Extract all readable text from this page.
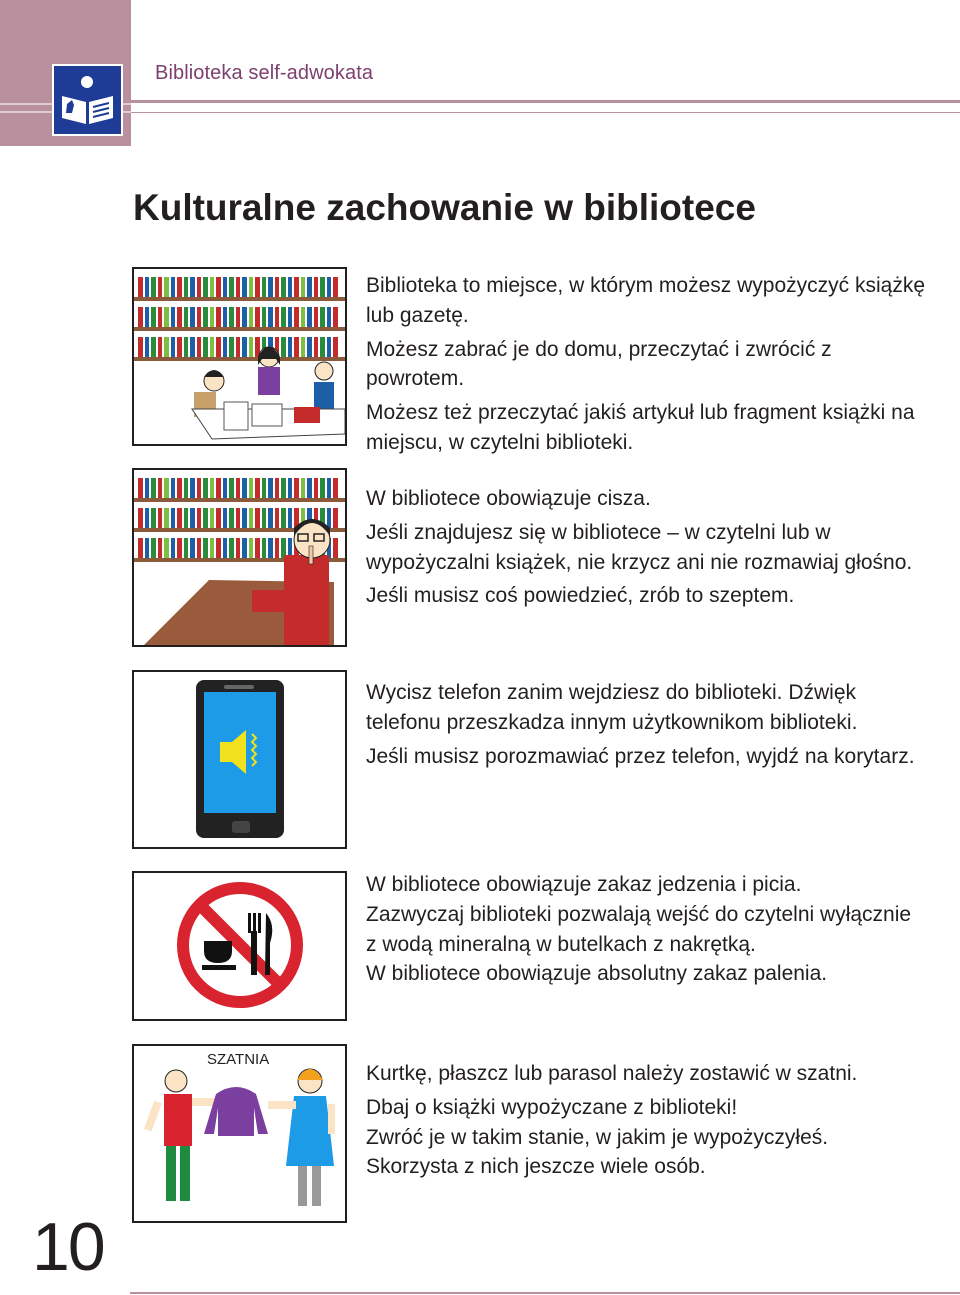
Biblioteka self-adwokata
Kulturalne zachowanie w bibliotece
SZATNIA

Biblioteka to miejsce, w którym możesz wypożyczyć książkę lub gazetę.

Możesz zabrać je do domu, przeczytać i zwrócić z powrotem.

Możesz też przeczytać jakiś artykuł lub fragment książki na miejscu, w czytelni biblioteki.

W bibliotece obowiązuje cisza.

Jeśli znajdujesz się w bibliotece – w czytelni lub w wypożyczalni książek, nie krzycz ani nie rozmawiaj głośno.

Jeśli musisz coś powiedzieć, zrób to szeptem.

Wycisz telefon zanim wejdziesz do biblioteki. Dźwięk telefonu przeszkadza innym użytkownikom biblioteki.

Jeśli musisz porozmawiać przez telefon, wyjdź na korytarz.

W bibliotece obowiązuje zakaz jedzenia i picia.

Zazwyczaj biblioteki pozwalają wejść do czytelni wyłącznie z wodą mineralną w butelkach z nakrętką.

W bibliotece obowiązuje absolutny zakaz palenia.

Kurtkę, płaszcz lub parasol należy zostawić w szatni.

Dbaj o książki wypożyczane z biblioteki!

Zwróć je w takim stanie, w jakim je wypożyczyłeś.

Skorzysta z nich jeszcze wiele osób.

10
